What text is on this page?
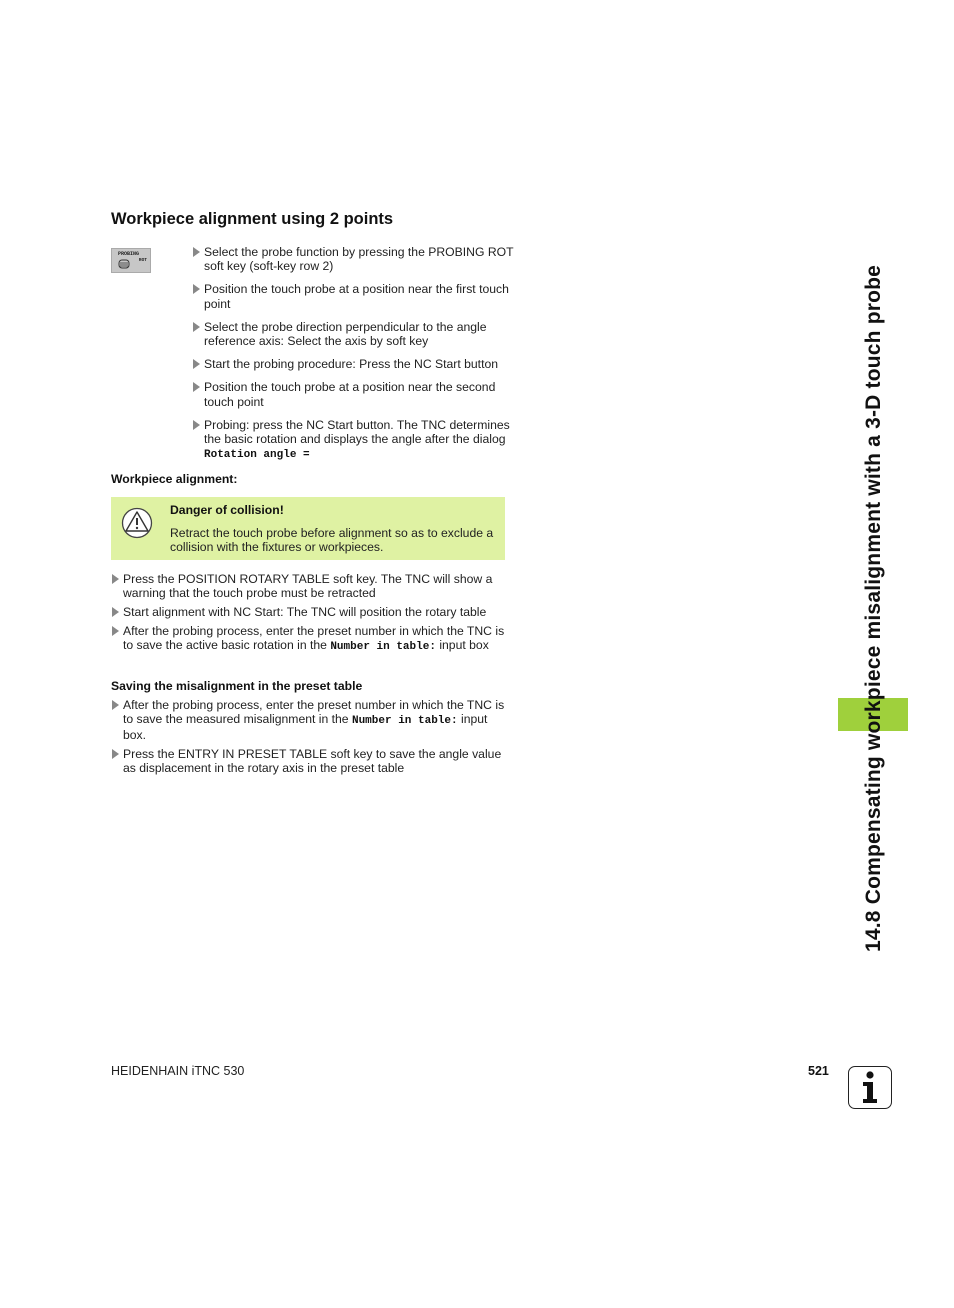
Workpiece alignment using 2 points
PROBING
ROT
Select the probe function by pressing the PROBING ROT soft key (soft-key row 2)
Position the touch probe at a position near the first touch point
Select the probe direction perpendicular to the angle reference axis: Select the axis by soft key
Start the probing procedure: Press the NC Start button
Position the touch probe at a position near the second touch point
Probing: press the NC Start button. The TNC determines the basic rotation and displays the angle after the dialog Rotation angle =

Workpiece alignment:

Danger of collision!
Retract the touch probe before alignment so as to exclude a collision with the fixtures or workpieces.
Press the POSITION ROTARY TABLE soft key. The TNC will show a warning that the touch probe must be retracted
Start alignment with NC Start: The TNC will position the rotary table
After the probing process, enter the preset number in which the TNC is to save the active basic rotation in the Number in table: input box

Saving the misalignment in the preset table

After the probing process, enter the preset number in which the TNC is to save the measured misalignment in the Number in table: input box.
Press the ENTRY IN PRESET TABLE soft key to save the angle value as displacement in the rotary axis in the preset table	14.8 Compensating workpiece misalignment with a 3-D touch probe
HEIDENHAIN iTNC 530	521
